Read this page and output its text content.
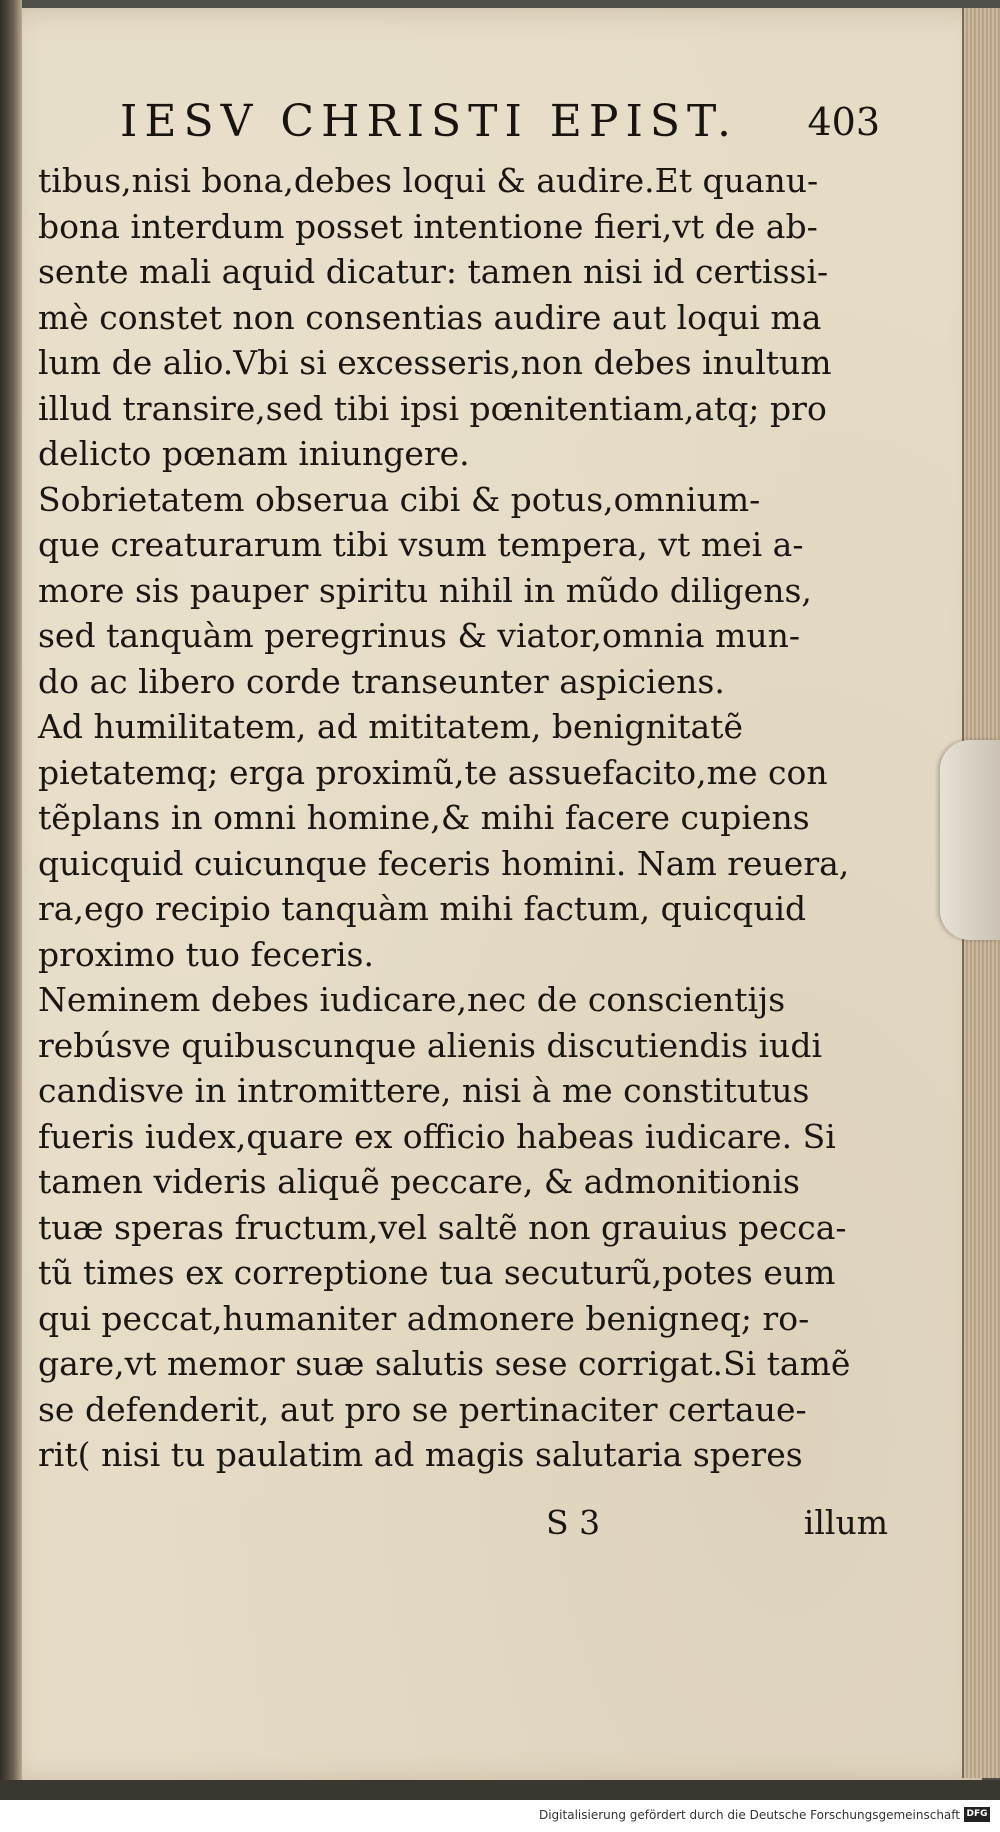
IESV CHRISTI EPIST. 403
tibus,nisi bona,debes loqui & audire.Et quanu-
bona interdum posset intentione fieri,vt de ab-
sente mali aquid dicatur: tamen nisi id certissi-
mè constet non consentias audire aut loqui ma
lum de alio.Vbi si excesseris,non debes inultum
illud transire,sed tibi ipsi pœnitentiam,atq; pro
delicto pœnam iniungere.
Sobrietatem obserua cibi & potus,omnium-
que creaturarum tibi vsum tempera, vt mei a-
more sis pauper spiritu nihil in mũdo diligens,
sed tanquàm peregrinus & viator,omnia mun-
do ac libero corde transeunter aspiciens.
Ad humilitatem, ad mititatem, benignitatẽ
pietatemq; erga proximũ,te assuefacito,me con
tẽplans in omni homine,& mihi facere cupiens
quicquid cuicunque feceris homini. Nam reuera,
ra,ego recipio tanquàm mihi factum, quicquid
proximo tuo feceris.
Neminem debes iudicare,nec de conscientijs
rebúsve quibuscunque alienis discutiendis iudi
candisve in intromittere, nisi à me constitutus
fueris iudex,quare ex officio habeas iudicare. Si
tamen videris aliquẽ peccare, & admonitionis
tuæ speras fructum,vel saltẽ non grauius pecca-
tũ times ex correptione tua secuturũ,potes eum
qui peccat,humaniter admonere benigneq; ro-
gare,vt memor suæ salutis sese corrigat.Si tamẽ
se defenderit, aut pro se pertinaciter certaue-
rit( nisi tu paulatim ad magis salutaria speres
S 3	illum
Digitalisierung gefördert durch die Deutsche Forschungsgemeinschaft DFG
